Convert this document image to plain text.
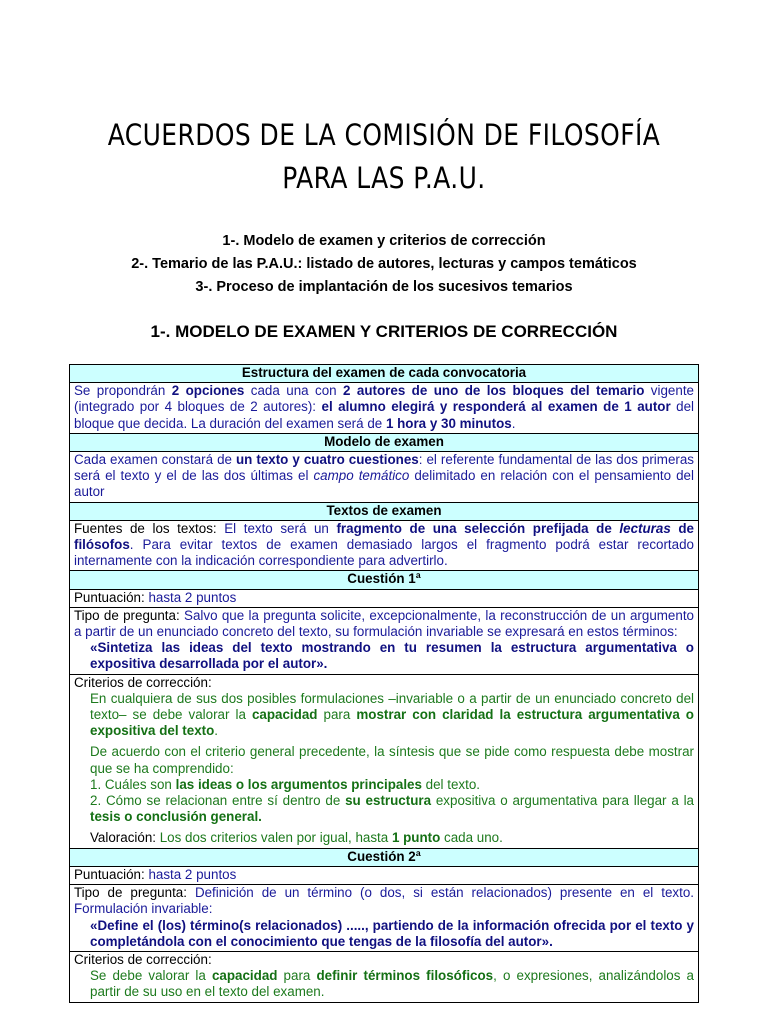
ACUERDOS DE LA COMISIÓN DE FILOSOFÍA
PARA LAS P.A.U.
1-. Modelo de examen y criterios de corrección
2-. Temario de las P.A.U.: listado de autores, lecturas y campos temáticos
3-. Proceso de implantación de los sucesivos temarios
1-. MODELO DE EXAMEN Y CRITERIOS DE CORRECCIÓN
Estructura del examen de cada convocatoria

Se propondrán 2 opciones cada una con 2 autores de uno de los bloques del temario vigente (integrado por 4 bloques de 2 autores): el alumno elegirá y responderá al examen de 1 autor del bloque que decida. La duración del examen será de 1 hora y 30 minutos.

Modelo de examen

Cada examen constará de un texto y cuatro cuestiones: el referente fundamental de las dos primeras será el texto y el de las dos últimas el campo temático delimitado en relación con el pensamiento del autor

Textos de examen

Fuentes de los textos: El texto será un fragmento de una selección prefijada de lecturas de filósofos. Para evitar textos de examen demasiado largos el fragmento podrá estar recortado internamente con la indicación correspondiente para advertirlo.

Cuestión 1ª

Puntuación: hasta 2 puntos

Tipo de pregunta: Salvo que la pregunta solicite, excepcionalmente, la reconstrucción de un argumento a partir de un enunciado concreto del texto, su formulación invariable se expresará en estos términos:
«Sintetiza las ideas del texto mostrando en tu resumen la estructura argumentativa o expositiva desarrollada por el autor».

Criterios de corrección:
En cualquiera de sus dos posibles formulaciones –invariable o a partir de un enunciado concreto del texto– se debe valorar la capacidad para mostrar con claridad la estructura argumentativa o expositiva del texto.
De acuerdo con el criterio general precedente, la síntesis que se pide como respuesta debe mostrar que se ha comprendido:
1. Cuáles son las ideas o los argumentos principales del texto.
2. Cómo se relacionan entre sí dentro de su estructura expositiva o argumentativa para llegar a la tesis o conclusión general.
Valoración: Los dos criterios valen por igual, hasta 1 punto cada uno.

Cuestión 2ª

Puntuación: hasta 2 puntos

Tipo de pregunta: Definición de un término (o dos, si están relacionados) presente en el texto. Formulación invariable:
«Define el (los) término(s relacionados) ....., partiendo de la información ofrecida por el texto y completándola con el conocimiento que tengas de la filosofía del autor».

Criterios de corrección:
Se debe valorar la capacidad para definir términos filosóficos, o expresiones, analizándolos a partir de su uso en el texto del examen.
